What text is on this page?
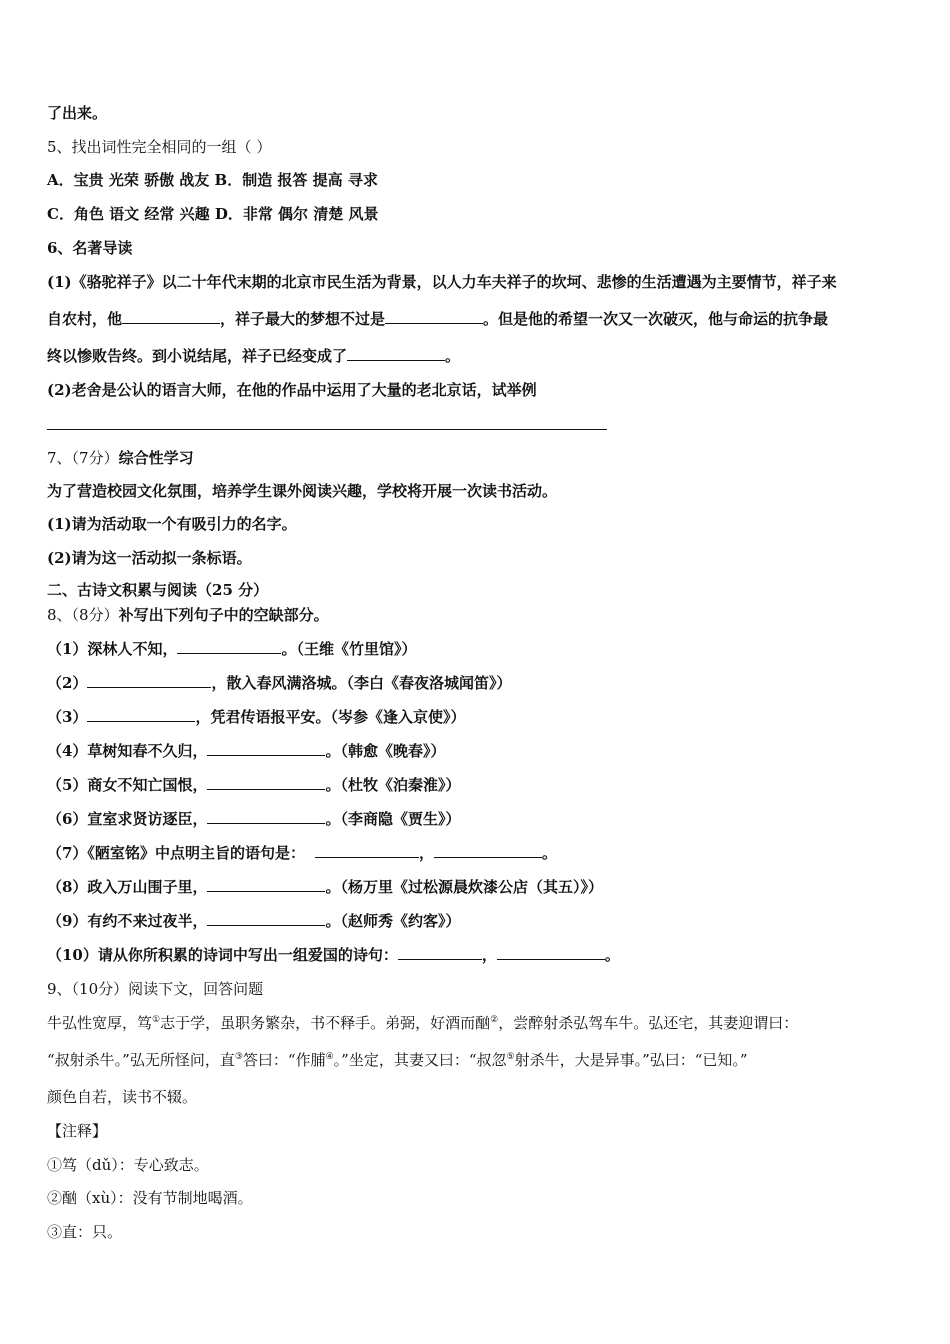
了出来。
5、找出词性完全相同的一组（ ）
A．宝贵 光荣 骄傲 战友 B．制造 报答 提高 寻求
C．角色 语文 经常 兴趣 D．非常 偶尔 清楚 风景
6、名著导读
(1)《骆驼祥子》以二十年代末期的北京市民生活为背景，以人力车夫祥子的坎坷、悲惨的生活遭遇为主要情节，祥子来
自农村，他	，祥子最大的梦想不过是	。但是他的希望一次又一次破灭，他与命运的抗争最
终以惨败告终。到小说结尾，祥子已经变成了	。
(2)老舍是公认的语言大师，在他的作品中运用了大量的老北京话，试举例
7、（7分）综合性学习
为了营造校园文化氛围，培养学生课外阅读兴趣，学校将开展一次读书活动。
(1)请为活动取一个有吸引力的名字。
(2)请为这一活动拟一条标语。
二、古诗文积累与阅读（25 分）
8、（8分）补写出下列句子中的空缺部分。
（1）深林人不知，	。（王维《竹里馆》）
（2）	，散入春风满洛城。（李白《春夜洛城闻笛》）
（3）	，凭君传语报平安。（岑参《逢入京使》）
（4）草树知春不久归，	。（韩愈《晚春》）
（5）商女不知亡国恨，	。（杜牧《泊秦淮》）
（6）宣室求贤访逐臣，	。（李商隐《贾生》）
（7）《陋室铭》中点明主旨的语句是：	，	。
（8）政入万山围子里，	。（杨万里《过松源晨炊漆公店（其五）》）
（9）有约不来过夜半，	。（赵师秀《约客》）
（10）请从你所积累的诗词中写出一组爱国的诗句：	，	。
9、（10分）阅读下文，回答问题
牛弘性宽厚，笃①志于学，虽职务繁杂，书不释手。弟弼，好酒而酗②，尝醉射杀弘驾车牛。弘还宅，其妻迎谓曰：
“叔射杀牛。”弘无所怪问，直③答曰：“作脯④。”坐定，其妻又曰：“叔忽⑤射杀牛，大是异事。”弘曰：“已知。”
颜色自若，读书不辍。
【注释】
①笃（dǔ）：专心致志。
②酗（xù）：没有节制地喝酒。
③直：只。
